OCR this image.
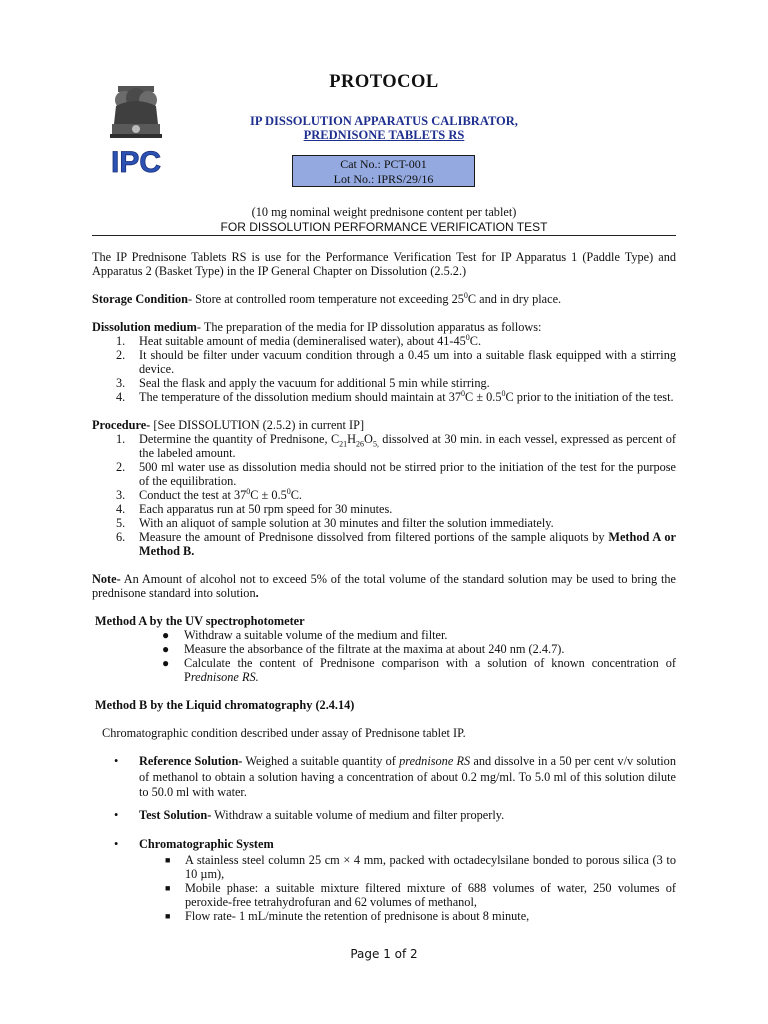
IPC
PROTOCOL
IP DISSOLUTION APPARATUS CALIBRATOR,
PREDNISONE TABLETS RS
Cat No.: PCT-001
Lot No.: IPRS/29/16
(10 mg nominal weight prednisone content per tablet)
FOR DISSOLUTION PERFORMANCE VERIFICATION TEST

The IP Prednisone Tablets RS is use for the Performance Verification Test for IP Apparatus 1 (Paddle Type) and Apparatus 2 (Basket Type) in the IP General Chapter on Dissolution (2.5.2.)

Storage Condition- Store at controlled room temperature not exceeding $25^0C$ and in dry place.

Dissolution medium- The preparation of the media for IP dissolution apparatus as follows:

1. Heat suitable amount of media (demineralised water), about $41-45^0C$.
2. It should be filter under vacuum condition through a 0.45 um into a suitable flask equipped with a stirring device.
3. Seal the flask and apply the vacuum for additional 5 min while stirring.
4. The temperature of the dissolution medium should maintain at $37^0C \pm 0.5^0C$ prior to the initiation of the test.

Procedure- [See DISSOLUTION (2.5.2) in current IP]

1. Determine the quantity of Prednisone, $C_{21}H_{26}O_{5,}$ dissolved at 30 min. in each vessel, expressed as percent of the labeled amount.
2. 500 ml water use as dissolution media should not be stirred prior to the initiation of the test for the purpose of the equilibration.
3. Conduct the test at $37^0C \pm 0.5^0C$.
4. Each apparatus run at 50 rpm speed for 30 minutes.
5. With an aliquot of sample solution at 30 minutes and filter the solution immediately.
6. Measure the amount of Prednisone dissolved from filtered portions of the sample aliquots by Method A or Method B.

Note- An Amount of alcohol not to exceed 5% of the total volume of the standard solution may be used to bring the prednisone standard into solution.

Method A by the UV spectrophotometer

● Withdraw a suitable volume of the medium and filter.
● Measure the absorbance of the filtrate at the maxima at about 240 nm (2.4.7).
● Calculate the content of Prednisone comparison with a solution of known concentration of Prednisone RS.

Method B by the Liquid chromatography (2.4.14)

Chromatographic condition described under assay of Prednisone tablet IP.

• Reference Solution- Weighed a suitable quantity of prednisone RS and dissolve in a 50 per cent v/v solution of methanol to obtain a solution having a concentration of about 0.2 mg/ml. To 5.0 ml of this solution dilute to 50.0 ml with water.
• Test Solution- Withdraw a suitable volume of medium and filter properly.
• Chromatographic System
■ A stainless steel column 25 cm × 4 mm, packed with octadecylsilane bonded to porous silica (3 to 10 µm),
■ Mobile phase: a suitable mixture filtered mixture of 688 volumes of water, 250 volumes of peroxide-free tetrahydrofuran and 62 volumes of methanol,
■ Flow rate- 1 mL/minute the retention of prednisone is about 8 minute,
Page 1 of 2
